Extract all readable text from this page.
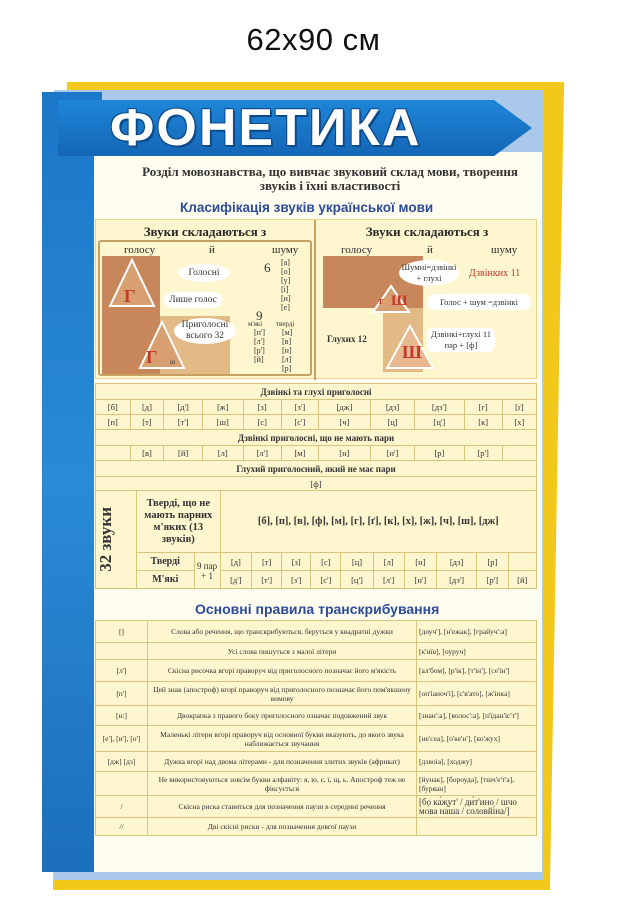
62x90 см
ФОНЕТИКА
Розділ мовознавства, що вивчає звуковий склад мови, творення звуків і їхні властивості
Класифікація звуків української мови
Звуки складаються з
голосу	й	шуму
Г
Г ш
Голосні
Лише голос
Приголосні всього 32
6 [а]
[о]
[у]
[і]
[и]
[е]
9
м'які тверді
[п']
[л']
[р']
[й]
[м]
[в]
[н]
[л]
[р]
Звуки складаються з
голосу	й	шуму
г Ш
Ш
Шумні=дзвінкі + глухі	Дзвінких 11
Голос + шум =дзвінкі
Глухих 12	Дзвінкі+глухі 11 пар + [ф]
Дзвінкі та глухі приголосні										
[б]	[д]	[д']	[ж]	[з]	[з']	[дж]	[дз]	[дз']	[г]	[ґ]
[п]	[т]	[т']	[ш]	[с]	[с']	[ч]	[ц]	[ц']	[к]	[х]
Дзвінкі приголосні, що не мають пари										
	[в]	[й]	[л]	[л']	[м]	[н]	[н']	[р]	[р']	
Глухий приголосний, який не має пари										
[ф]										
32 звуки	Тверді, що не мають парних м'яких (13 звуків)		[б], [п], [в], [ф], [м], [г], [ґ], [к], [х], [ж], [ч], [ш], [дж]									
	Тверді	9 пар + 1	[д]	[т]	[з]	[с]	[ц]	[л]	[н]	[дз]	[р]	
	М'які		[д']	[т']	[з']	[с']	[ц']	[л']	[н']	[дз']	[р']	[й]
Основні правила транскрибування
[]	Слова або речення, що транскрибуються, беруться у квадратні дужки	[доуч'], [н'ежак], [грайуч':а]
	Усі слова пишуться з малої літери	[к'иїв], [оуруч]
[л']	Скісна рисочка вгорі праворуч від приголосного позначає його м'якість	[ал'бом], [р'ік], [т'ін'], [се'їн']
[п']	Цей знак (апостроф) вгорі праворуч від приголосного позначає його пом'якшену вимову	[оп'іаноч'і], [с'в'ато], [ж'інка]
[н:]	Двокрапка з правого боку приголосного означає подовжений звук	[знан':а], [волос':а], [п'їдан'іс'т']
[е'], [и'], [о']	Маленькі літери вгорі праворуч від основної букви вказують, до якого звука наближається звучання	[не'сеа], [о'ке'н'], [ко'жух]
[дж] [дз]	Дужка вгорі над двома літерами - для позначення злитих звуків (африкат)	[дзвоiа], [ходжу]
	Не використовуються зовсім букви алфавіту: я, ю, є, ї, щ, ь. Апостроф теж не фіксується	[йунак], [бороуда], [тшч'е'т'а], [буряан]
/	Скісна риска ставиться для позначення паузи в середині речення	[бо ка́жут' / ди́т'ино / шчо мо́ва на́ша / соловйі́на/]
//	Дві скісні риски - для позначення довгої паузи	
